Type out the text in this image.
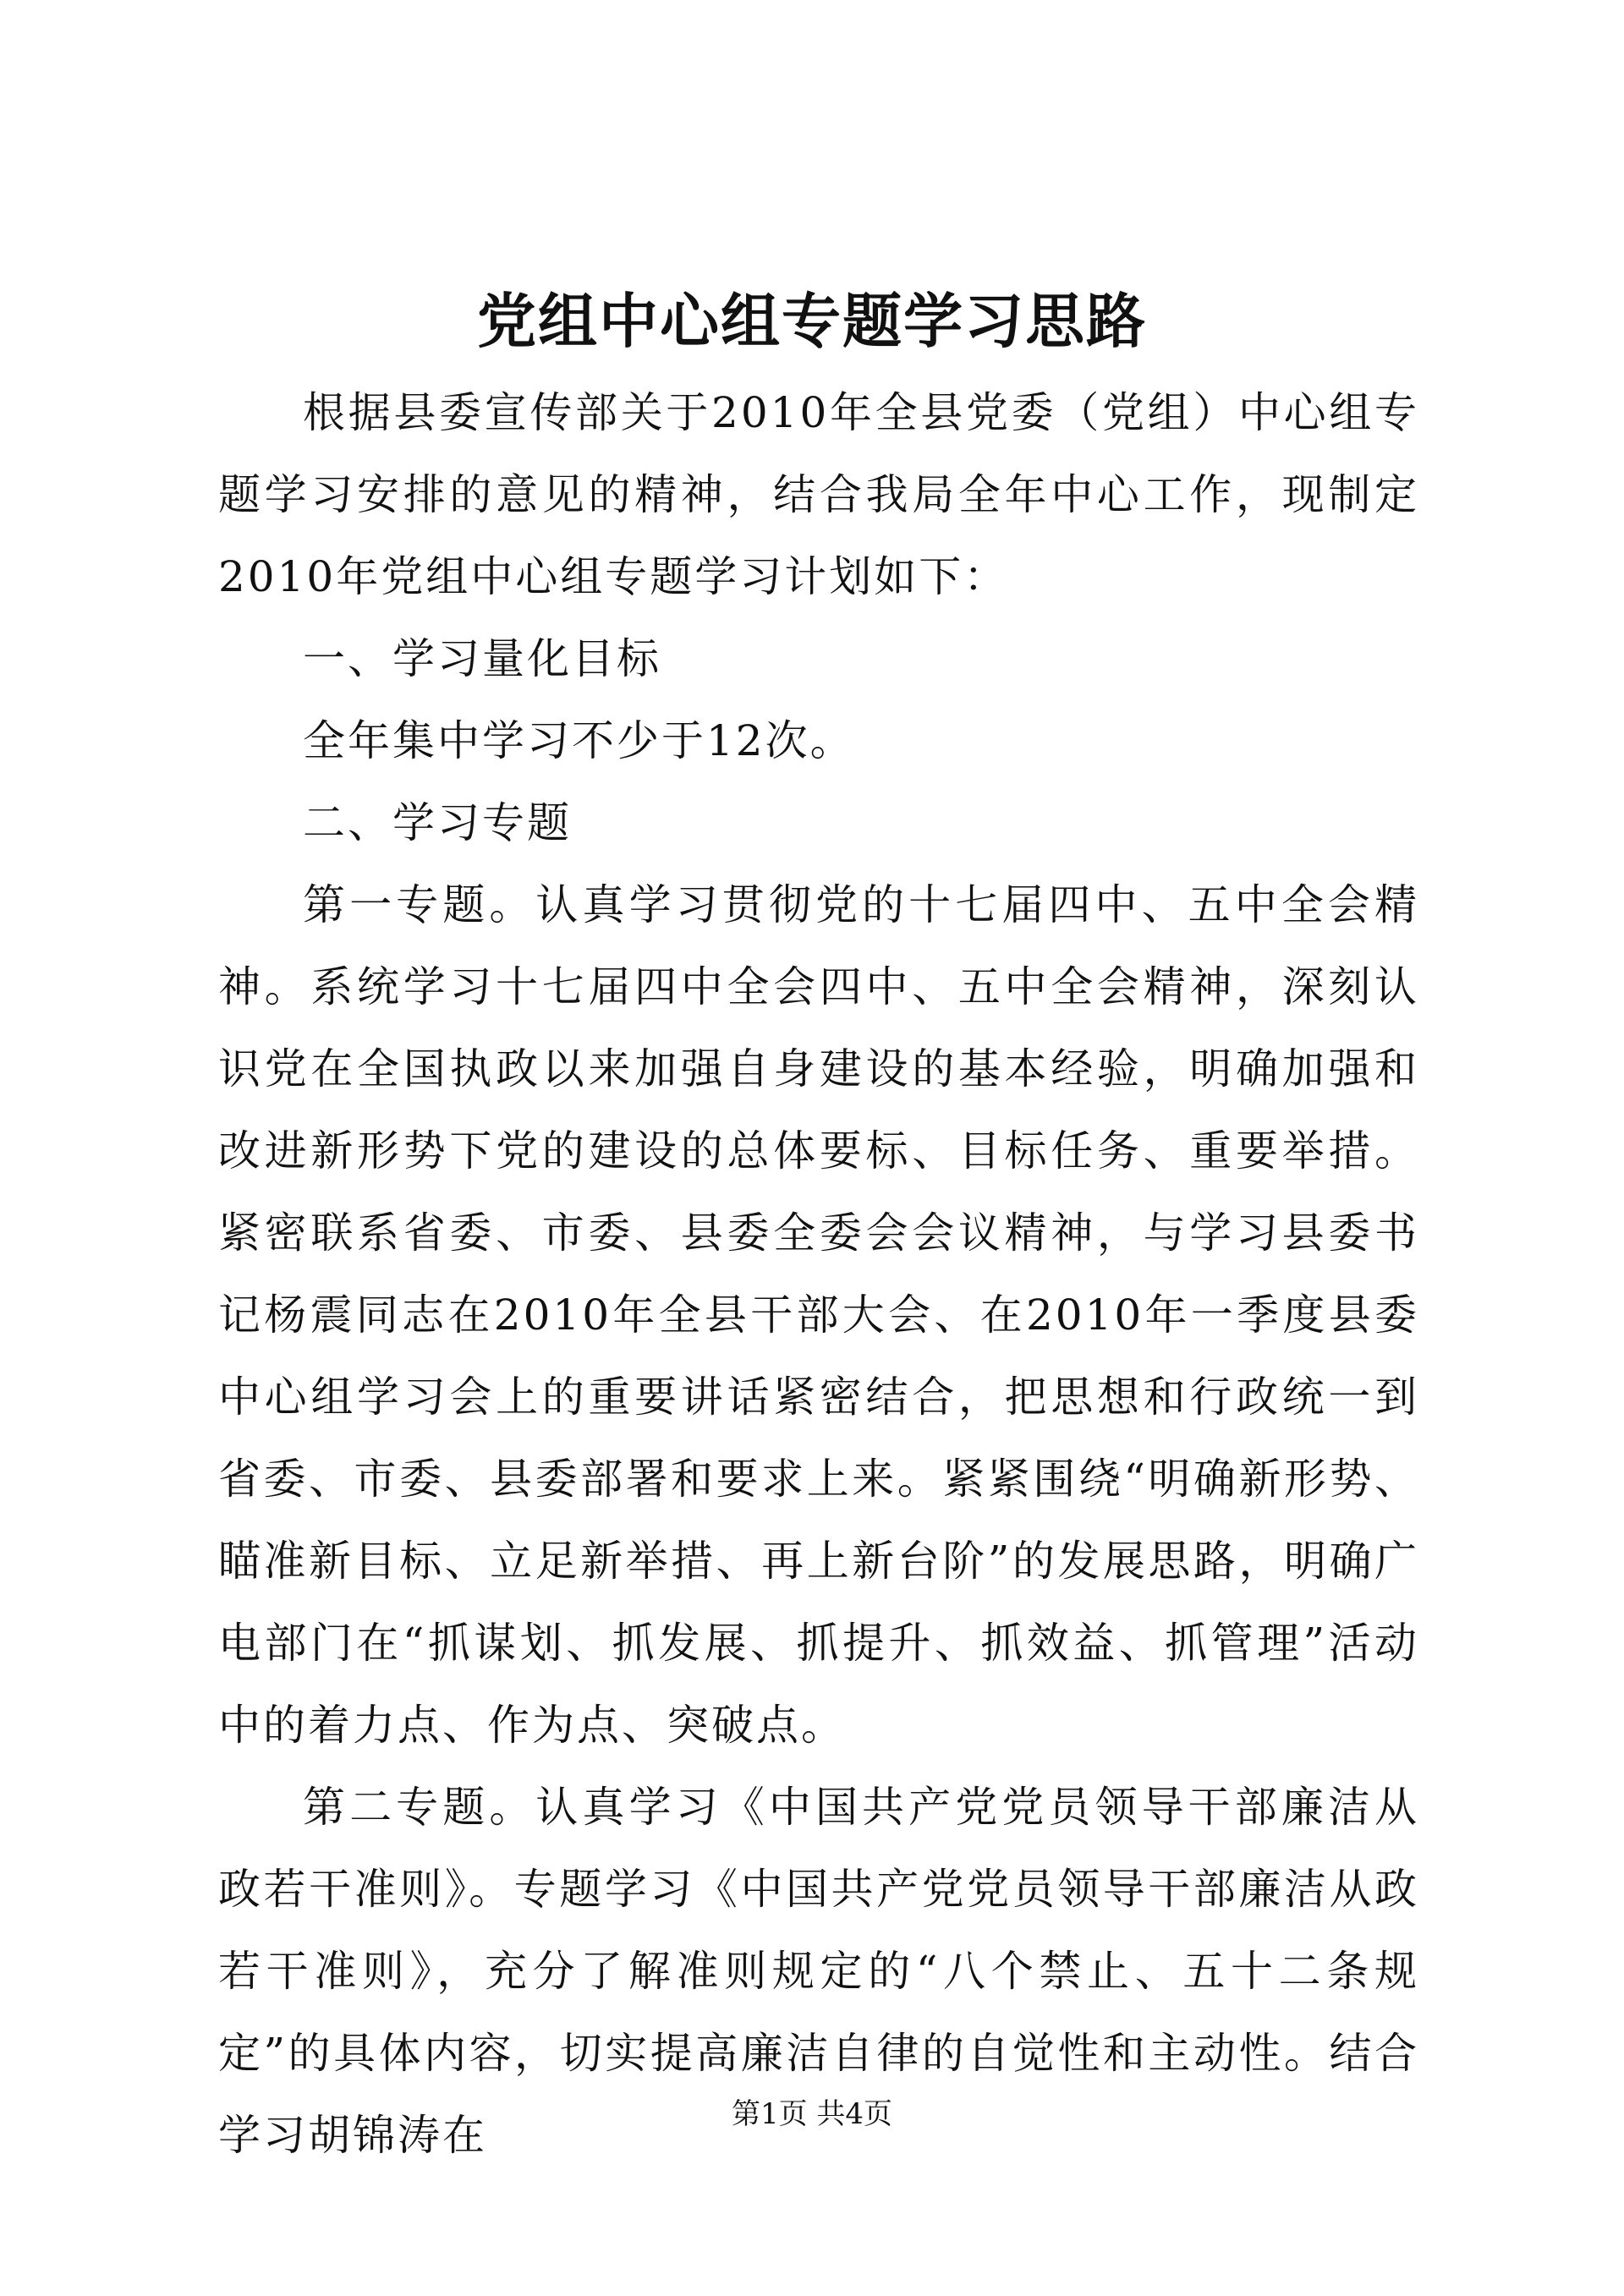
党组中心组专题学习思路

根据县委宣传部关于2010年全县党委（党组）中心组专题学习安排的意见的精神，结合我局全年中心工作，现制定2010年党组中心组专题学习计划如下：

一、学习量化目标

全年集中学习不少于12次。

二、学习专题

第一专题。认真学习贯彻党的十七届四中、五中全会精神。系统学习十七届四中全会四中、五中全会精神，深刻认识党在全国执政以来加强自身建设的基本经验，明确加强和改进新形势下党的建设的总体要标、目标任务、重要举措。紧密联系省委、市委、县委全委会会议精神，与学习县委书记杨震同志在2010年全县干部大会、在2010年一季度县委中心组学习会上的重要讲话紧密结合，把思想和行政统一到省委、市委、县委部署和要求上来。紧紧围绕“明确新形势、瞄准新目标、立足新举措、再上新台阶”的发展思路，明确广电部门在“抓谋划、抓发展、抓提升、抓效益、抓管理”活动中的着力点、作为点、突破点。

第二专题。认真学习《中国共产党党员领导干部廉洁从政若干准则》。专题学习《中国共产党党员领导干部廉洁从政若干准则》，充分了解准则规定的“八个禁止、五十二条规定”的具体内容，切实提高廉洁自律的自觉性和主动性。结合学习胡锦涛在	第1页 共4页
